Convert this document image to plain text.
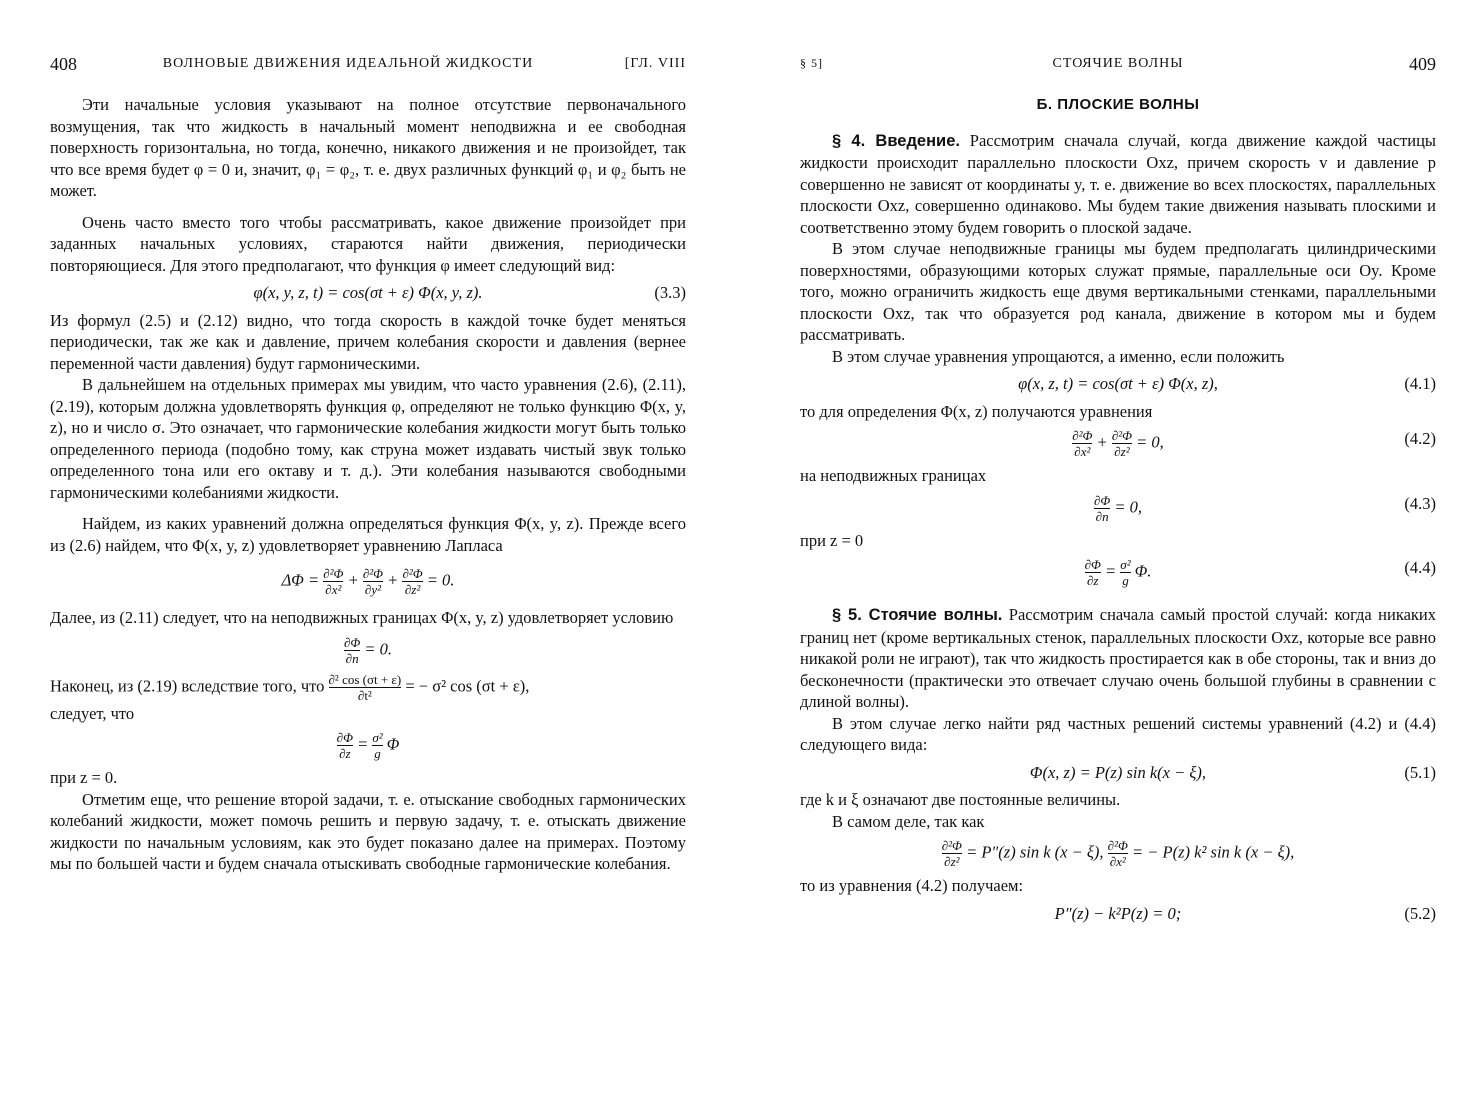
408	ВОЛНОВЫЕ ДВИЖЕНИЯ ИДЕАЛЬНОЙ ЖИДКОСТИ	[ГЛ. VIII

Эти начальные условия указывают на полное отсутствие первоначального возмущения, так что жидкость в начальный момент неподвижна и ее свободная поверхность горизонтальна, но тогда, конечно, никакого движения и не произойдет, так что все время будет φ = 0 и, значит, φ₁ = φ₂, т. е. двух различных функций φ₁ и φ₂ быть не может.

Очень часто вместо того чтобы рассматривать, какое движение произойдет при заданных начальных условиях, стараются найти движения, периодически повторяющиеся. Для этого предполагают, что функция φ имеет следующий вид:

φ(x, y, z, t) = cos(σt + ε) Φ(x, y, z).	(3.3)

Из формул (2.5) и (2.12) видно, что тогда скорость в каждой точке будет меняться периодически, так же как и давление, причем колебания скорости и давления (вернее переменной части давления) будут гармоническими.

В дальнейшем на отдельных примерах мы увидим, что часто уравнения (2.6), (2.11), (2.19), которым должна удовлетворять функция φ, определяют не только функцию Φ(x, y, z), но и число σ. Это означает, что гармонические колебания жидкости могут быть только определенного периода (подобно тому, как струна может издавать чистый звук только определенного тона или его октаву и т. д.). Эти колебания называются свободными гармоническими колебаниями жидкости.

Найдем, из каких уравнений должна определяться функция Φ(x, y, z). Прежде всего из (2.6) найдем, что Φ(x, y, z) удовлетворяет уравнению Лапласа

$\Delta\Phi = \frac{\text{∂²Φ}}{\text{∂x²}} + \frac{\text{∂²Φ}}{\text{∂y²}} + \frac{\text{∂²Φ}}{\text{∂z²}} = 0$.

Далее, из (2.11) следует, что на неподвижных границах Φ(x, y, z) удовлетворяет условию

$\frac{\partial\Phi}{\partial n} = 0$.

Наконец, из (2.19) вследствие того, что $\frac{\text{∂² cos (σt + ε)}}{\text{∂t²}}$ = − σ² cos (σt + ε),

следует, что

$\frac{\partial\Phi}{\partial z} = \frac{\text{σ²}}{g}$ Φ

при z = 0.

Отметим еще, что решение второй задачи, т. е. отыскание свободных гармонических колебаний жидкости, может помочь решить и первую задачу, т. е. отыскать движение жидкости по начальным условиям, как это будет показано далее на примерах. Поэтому мы по большей части и будем сначала отыскивать свободные гармонические колебания.

§ 5]	СТОЯЧИЕ ВОЛНЫ	409
Б. ПЛОСКИЕ ВОЛНЫ

§ 4. Введение. Рассмотрим сначала случай, когда движение каждой частицы жидкости происходит параллельно плоскости Oxz, причем скорость v и давление p совершенно не зависят от координаты y, т. е. движение во всех плоскостях, параллельных плоскости Oxz, совершенно одинаково. Мы будем такие движения называть плоскими и соответственно этому будем говорить о плоской задаче.

В этом случае неподвижные границы мы будем предполагать цилиндрическими поверхностями, образующими которых служат прямые, параллельные оси Oy. Кроме того, можно ограничить жидкость еще двумя вертикальными стенками, параллельными плоскости Oxz, так что образуется род канала, движение в котором мы и будем рассматривать.

В этом случае уравнения упрощаются, а именно, если положить

φ(x, z, t) = cos(σt + ε) Φ(x, z),	(4.1)

то для определения Φ(x, z) получаются уравнения

$\frac{\text{∂²Φ}}{\text{∂x²}} + \frac{\text{∂²Φ}}{\text{∂z²}} = 0$,	(4.2)

на неподвижных границах

$\frac{\partial\Phi}{\partial n} = 0$,	(4.3)

при z = 0

$\frac{\partial\Phi}{\partial z} = \frac{\text{σ²}}{g} \Phi$.	(4.4)

§ 5. Стоячие волны. Рассмотрим сначала самый простой случай: когда никаких границ нет (кроме вертикальных стенок, параллельных плоскости Oxz, которые все равно никакой роли не играют), так что жидкость простирается как в обе стороны, так и вниз до бесконечности (практически это отвечает случаю очень большой глубины в сравнении с длиной волны).

В этом случае легко найти ряд частных решений системы уравнений (4.2) и (4.4) следующего вида:

Φ(x, z) = P(z) sin k(x − ξ),	(5.1)

где k и ξ означают две постоянные величины.

В самом деле, так как

$\frac{\text{∂²Φ}}{\text{∂z²}} = P''(z)$ sin k (x − ξ), $\frac{\text{∂²Φ}}{\text{∂x²}}$ = − P(z) k² sin k (x − ξ),

то из уравнения (4.2) получаем:

P″(z) − k²P(z) = 0;	(5.2)
